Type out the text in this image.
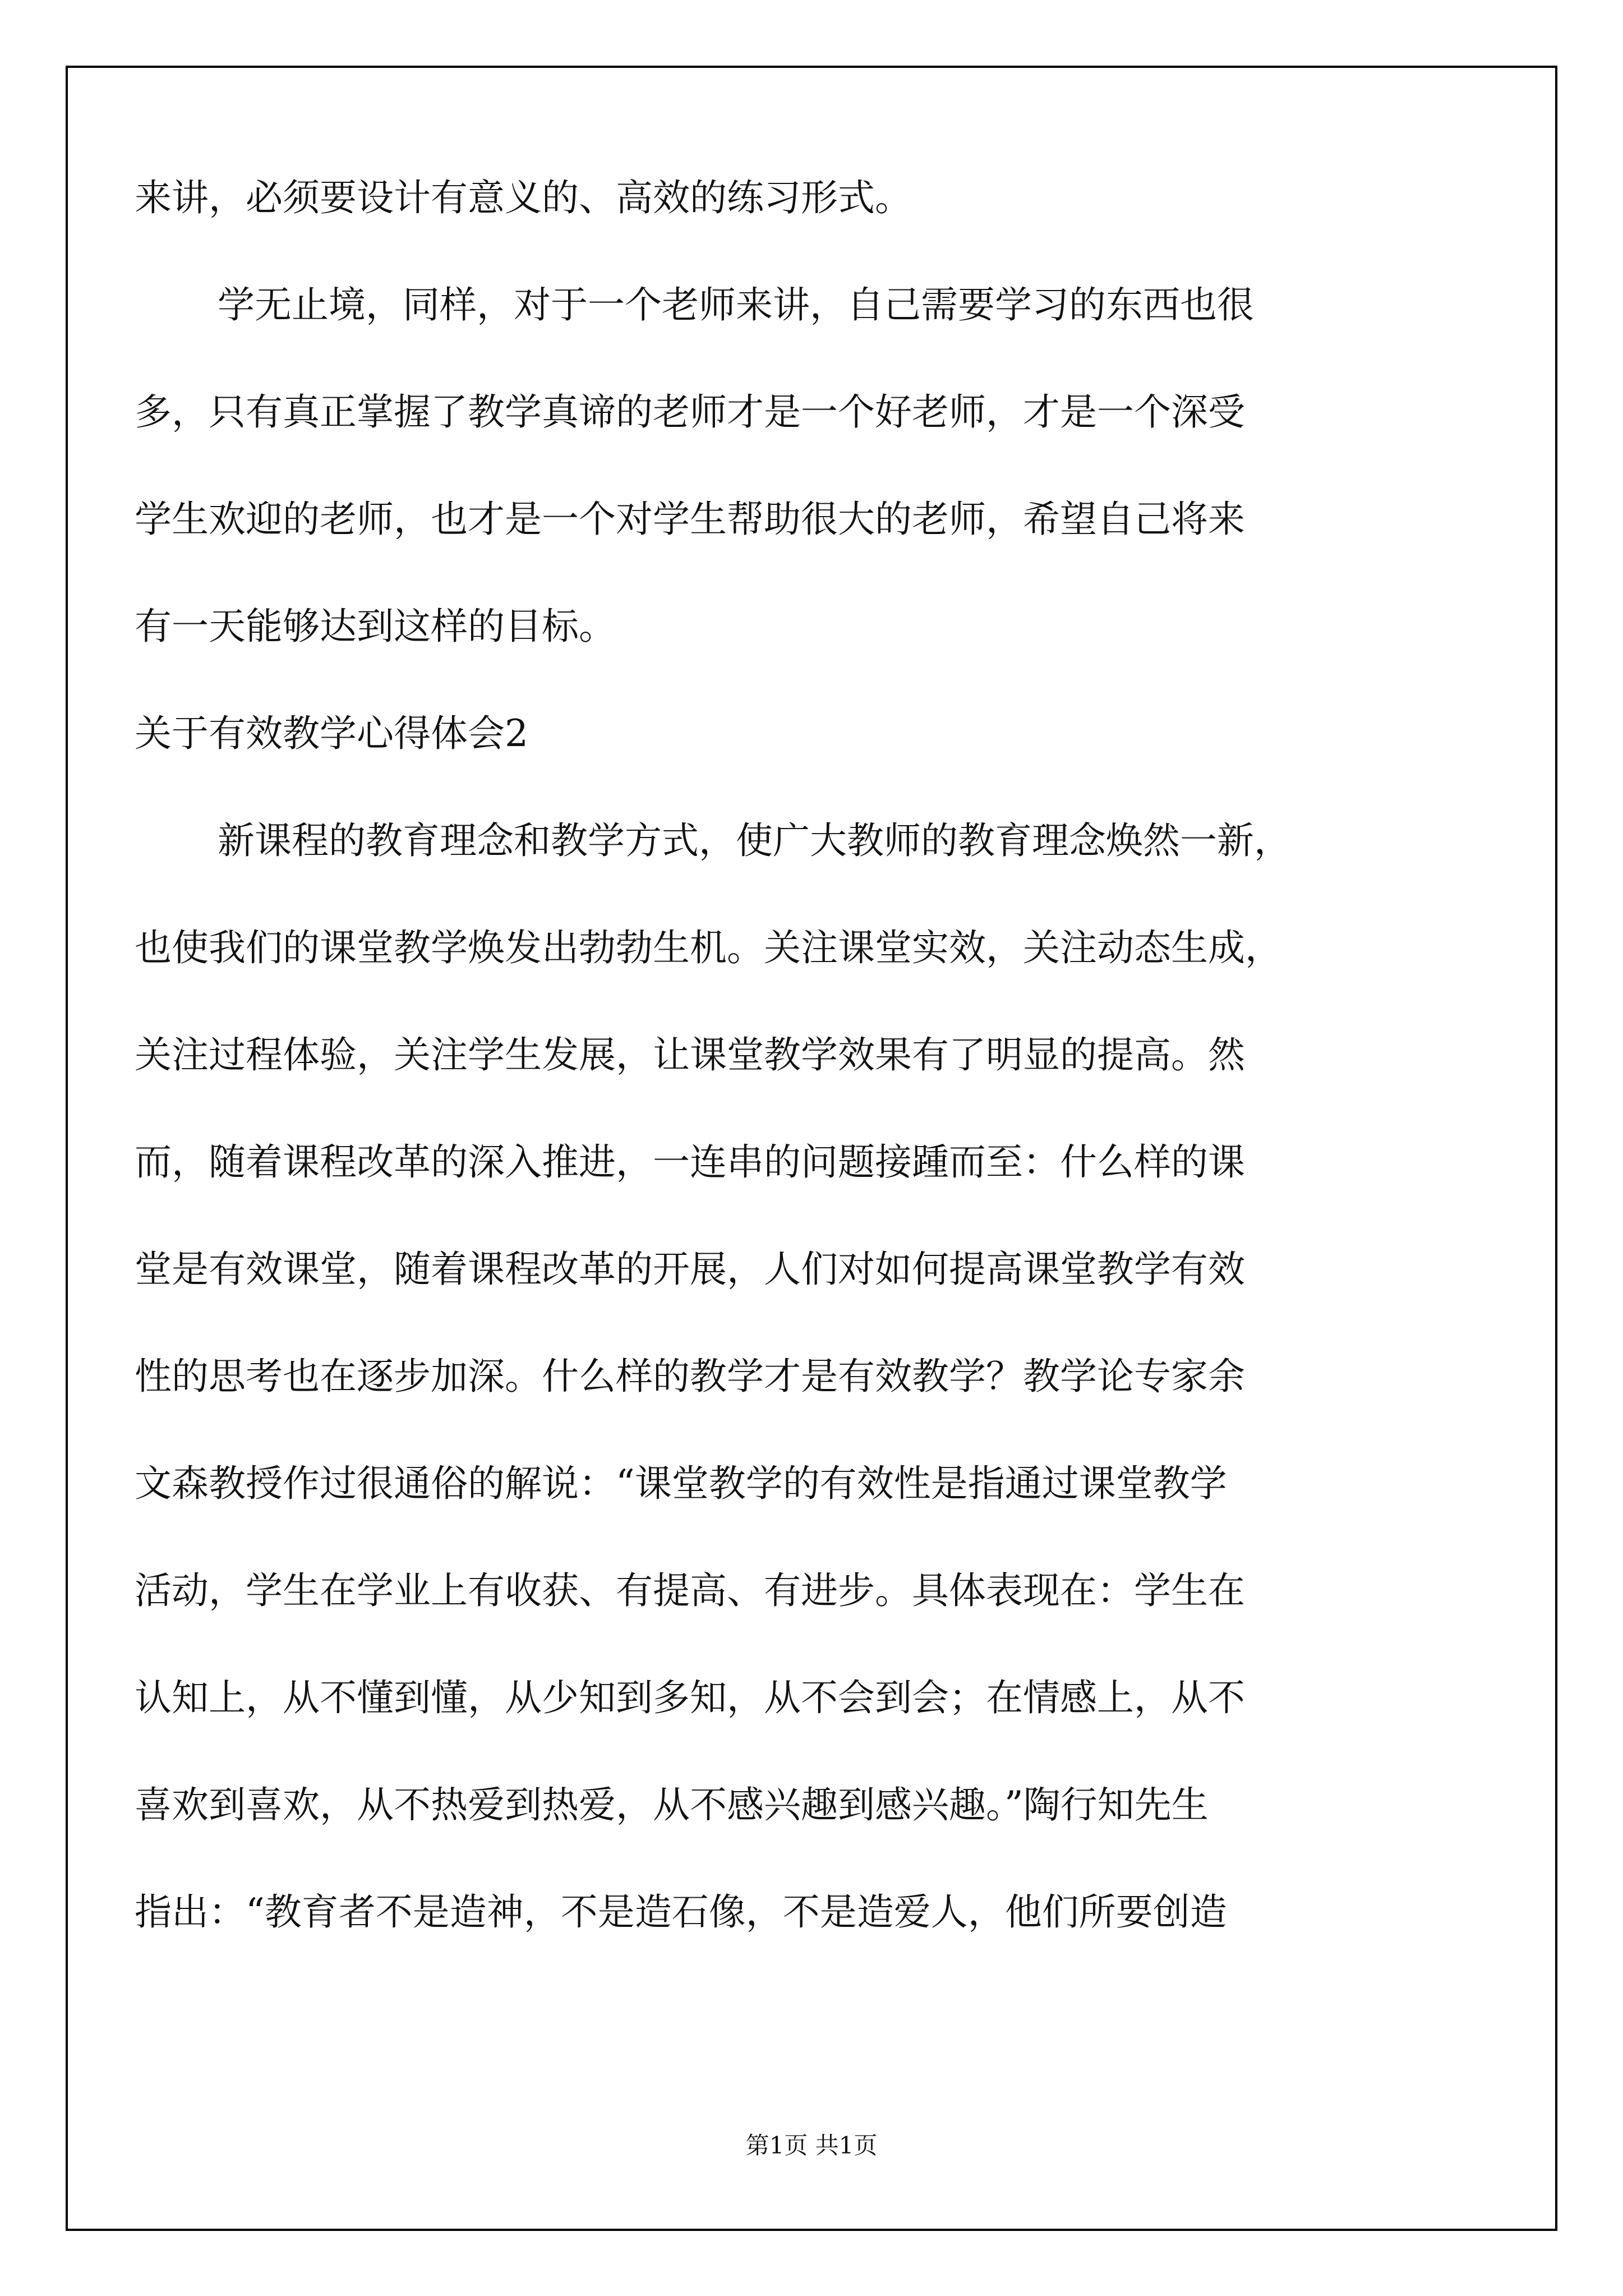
来讲，必须要设计有意义的、高效的练习形式。
学无止境，同样，对于一个老师来讲，自己需要学习的东西也很
多，只有真正掌握了教学真谛的老师才是一个好老师，才是一个深受
学生欢迎的老师，也才是一个对学生帮助很大的老师，希望自己将来
有一天能够达到这样的目标。
关于有效教学心得体会2
新课程的教育理念和教学方式，使广大教师的教育理念焕然一新，
也使我们的课堂教学焕发出勃勃生机。关注课堂实效，关注动态生成，
关注过程体验，关注学生发展，让课堂教学效果有了明显的提高。然
而，随着课程改革的深入推进，一连串的问题接踵而至：什么样的课
堂是有效课堂，随着课程改革的开展，人们对如何提高课堂教学有效
性的思考也在逐步加深。什么样的教学才是有效教学？教学论专家余
文森教授作过很通俗的解说：“课堂教学的有效性是指通过课堂教学
活动，学生在学业上有收获、有提高、有进步。具体表现在：学生在
认知上，从不懂到懂，从少知到多知，从不会到会；在情感上，从不
喜欢到喜欢，从不热爱到热爱，从不感兴趣到感兴趣。”陶行知先生
指出：“教育者不是造神，不是造石像，不是造爱人，他们所要创造
第1页 共1页
